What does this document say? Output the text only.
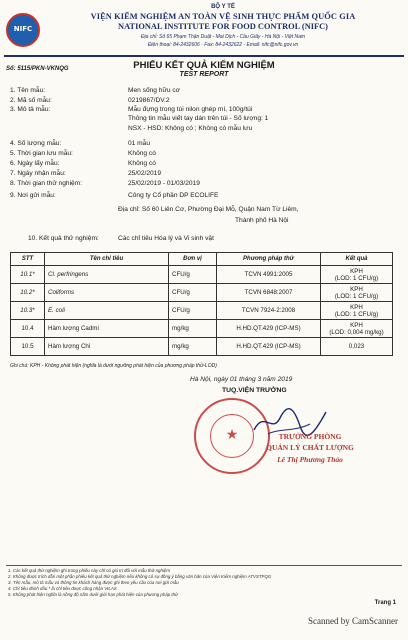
NIFC
BỘ Y TẾ
VIỆN KIỂM NGHIỆM AN TOÀN VỆ SINH THỰC PHẨM QUỐC GIA
NATIONAL INSTITUTE FOR FOOD CONTROL (NIFC)
Địa chỉ: Số 65 Phạm Thận Duật - Mai Dịch - Cầu Giấy - Hà Nội - Việt Nam
Điện thoại: 84-2432606 · Fax: 84-2432622 · Email: nifc@nifc.gov.vn
Số: 5115/PKN-VKNQG	PHIẾU KẾT QUẢ KIỂM NGHIỆM
TEST REPORT
1. Tên mẫu:	Men sống hữu cơ
2. Mã số mẫu:	0219867/DV.2
3. Mô tả mẫu:	Mẫu đựng trong túi nilon ghép mí, 100g/túi
Thông tin mẫu viết tay dán trên túi - Số lượng: 1
NSX - HSD: Không có ; Không có mẫu lưu
4. Số lượng mẫu:	01 mẫu
5. Thời gian lưu mẫu:	Không có
6. Ngày lấy mẫu:	Không có
7. Ngày nhận mẫu:	25/02/2019
8. Thời gian thử nghiệm:	25/02/2019 - 01/03/2019
9. Nơi gửi mẫu:	Công ty Cổ phần DP ECOLIFE
Địa chỉ: Số 60 Liên Cơ, Phường Đại Mỗ, Quận Nam Từ Liêm,
Thành phố Hà Nội
10. Kết quả thử nghiệm:	Các chỉ tiêu Hóa lý và Vi sinh vật
STT	Tên chỉ tiêu	Đơn vị	Phương pháp thử	Kết quả
10.1*	Cl. perfringens	CFU/g	TCVN 4991:2005	KPH
(LOD: 1 CFU/g)

10.2*	Coliforms	CFU/g	TCVN 6848:2007	KPH
(LOD: 1 CFU/g)

10.3*	E. coli	CFU/g	TCVN 7924-2:2008	KPH
(LOD: 1 CFU/g)

10.4	Hàm lượng Cadmi	mg/kg	H.HD.QT.429 (ICP-MS)	KPH
(LOD: 0,004 mg/kg)

10.5	Hàm lượng Chì	mg/kg	H.HD.QT.429 (ICP-MS)	0,023
Ghi chú: KPH - Không phát hiện (nghĩa là dưới ngưỡng phát hiện của phương pháp thử-LOD)
Hà Nội, ngày 01 tháng 3 năm 2019
TUQ.VIỆN TRƯỞNG
★	TRƯỞNG PHÒNG
QUẢN LÝ CHẤT LƯỢNG
Lê Thị Phương Thảo
1. Các kết quả thử nghiệm ghi trong phiếu này chỉ có giá trị đối với mẫu thử nghiệm
2. Không được trích dẫn một phần phiếu kết quả thử nghiệm nếu không có sự đồng ý bằng văn bản của Viện Kiểm nghiệm ATVSTPQG
3. Tên mẫu, mô tả mẫu và thông tin khách hàng được ghi theo yêu cầu của nơi gửi mẫu
4. Chỉ tiêu đánh dấu * là chỉ tiêu được công nhận VILAS
5. Không phát hiện nghĩa là nồng độ nằm dưới giới hạn phát hiện của phương pháp thử
Trang 1
Scanned by CamScanner
